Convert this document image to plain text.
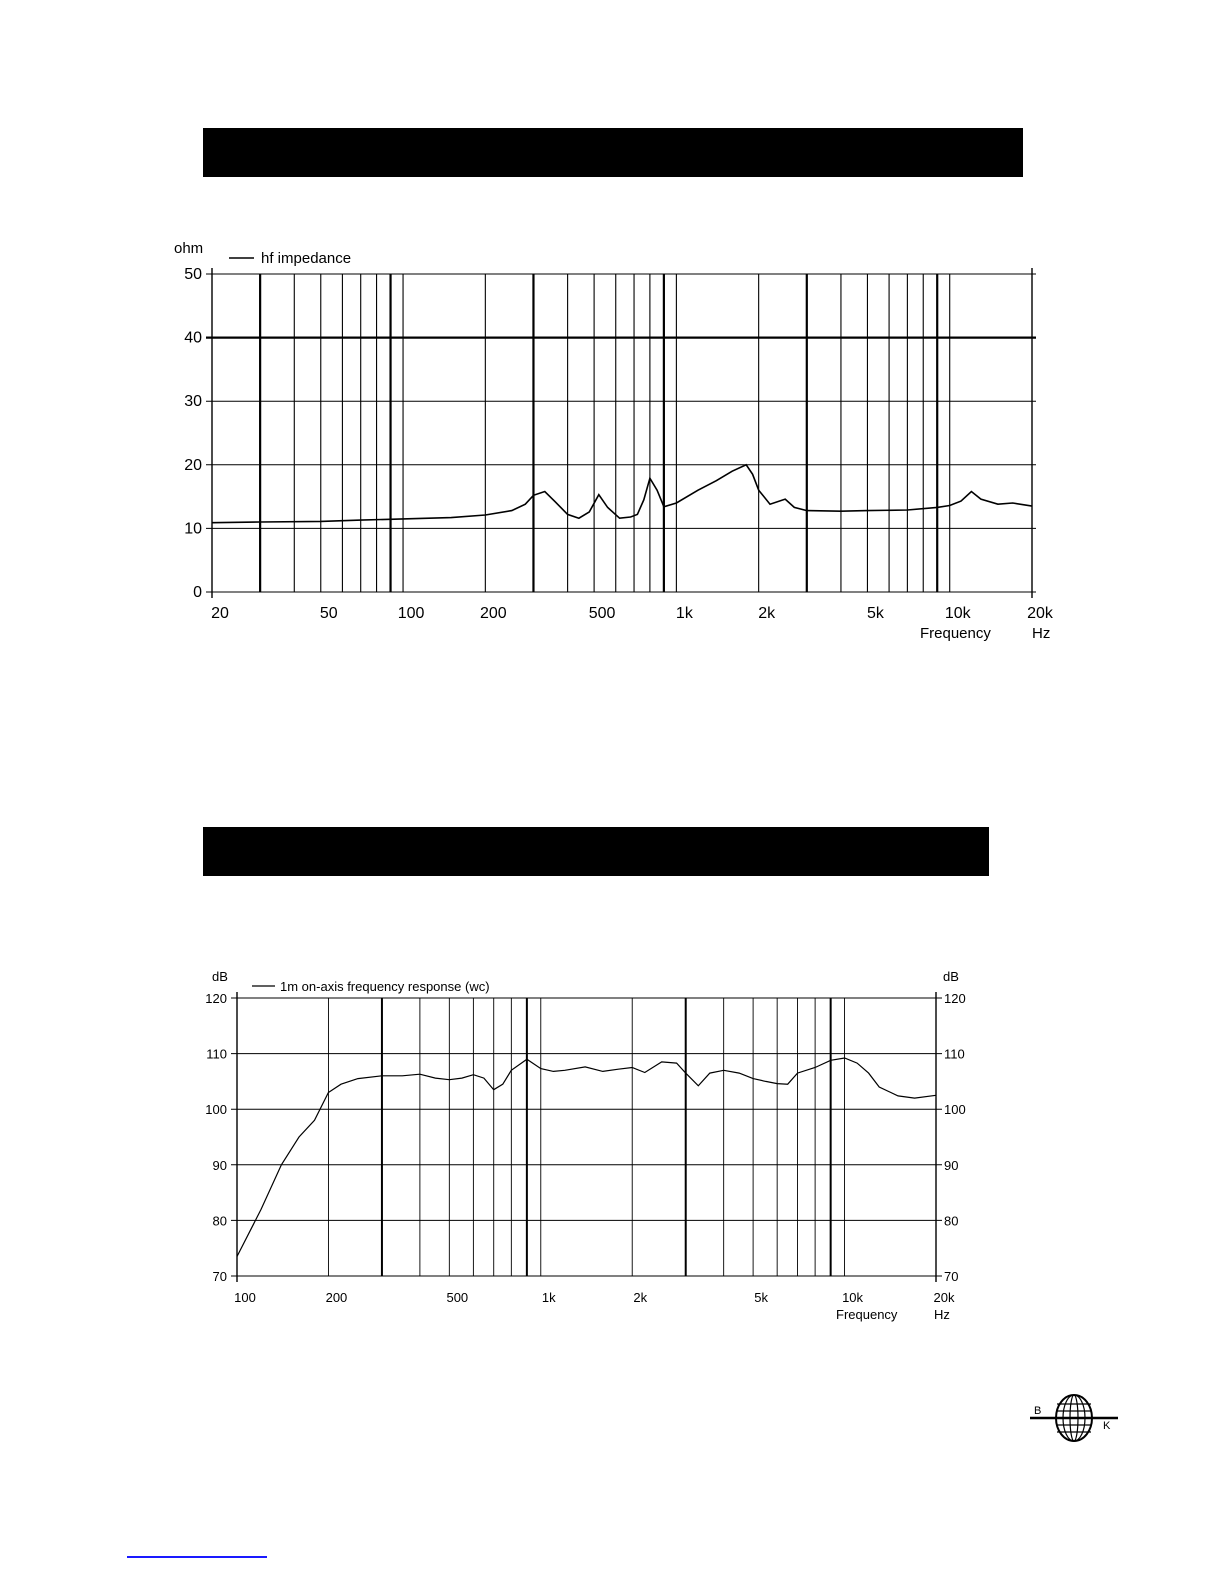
0
10
20
30
40
50
20	50	100	200	500	1k	2k	5k	10k	20k
hf impedance
ohm
Frequency	Hz
70	70
80	80
90	90
100	100
110	110
120	120
100	200	500	1k	2k	5k	10k	20k
1m on-axis frequency response (wc)
dB	dB
Frequency	Hz
B
K
